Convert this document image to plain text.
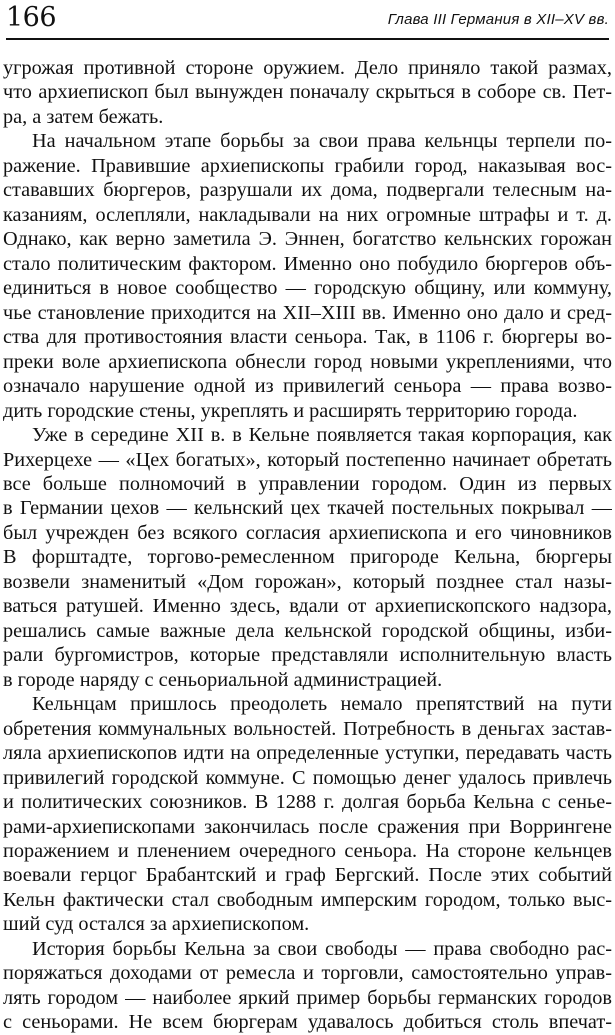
166	Глава III Германия в XII–XV вв.
угрожая противной стороне оружием. Дело приняло такой размах,
что архиепископ был вынужден поначалу скрыться в соборе св. Пет-
ра, а затем бежать.
На начальном этапе борьбы за свои права кельнцы терпели по-
ражение. Правившие архиепископы грабили город, наказывая вос-
стававших бюргеров, разрушали их дома, подвергали телесным на-
казаниям, ослепляли, накладывали на них огромные штрафы и т. д.
Однако, как верно заметила Э. Эннен, богатство кельнских горожан
стало политическим фактором. Именно оно побудило бюргеров объ-
единиться в новое сообщество — городскую общину, или коммуну,
чье становление приходится на XII–XIII вв. Именно оно дало и сред-
ства для противостояния власти сеньора. Так, в 1106 г. бюргеры во-
преки воле архиепископа обнесли город новыми укреплениями, что
означало нарушение одной из привилегий сеньора — права возво-
дить городские стены, укреплять и расширять территорию города.
Уже в середине XII в. в Кельне появляется такая корпорация, как
Рихерцехе — «Цех богатых», который постепенно начинает обретать
все больше полномочий в управлении городом. Один из первых
в Германии цехов — кельнский цех ткачей постельных покрывал —
был учрежден без всякого согласия архиепископа и его чиновников
В форштадте, торгово-ремесленном пригороде Кельна, бюргеры
возвели знаменитый «Дом горожан», который позднее стал назы-
ваться ратушей. Именно здесь, вдали от архиепископского надзора,
решались самые важные дела кельнской городской общины, изби-
рали бургомистров, которые представляли исполнительную власть
в городе наряду с сеньориальной администрацией.
Кельнцам пришлось преодолеть немало препятствий на пути
обретения коммунальных вольностей. Потребность в деньгах застав-
ляла архиепископов идти на определенные уступки, передавать часть
привилегий городской коммуне. С помощью денег удалось привлечь
и политических союзников. В 1288 г. долгая борьба Кельна с сенье-
рами-архиепископами закончилась после сражения при Воррингене
поражением и пленением очередного сеньора. На стороне кельнцев
воевали герцог Брабантский и граф Бергский. После этих событий
Кельн фактически стал свободным имперским городом, только выс-
ший суд остался за архиепископом.
История борьбы Кельна за свои свободы — права свободно рас-
поряжаться доходами от ремесла и торговли, самостоятельно управ-
лять городом — наиболее яркий пример борьбы германских городов
с сеньорами. Не всем бюргерам удавалось добиться столь впечат-
